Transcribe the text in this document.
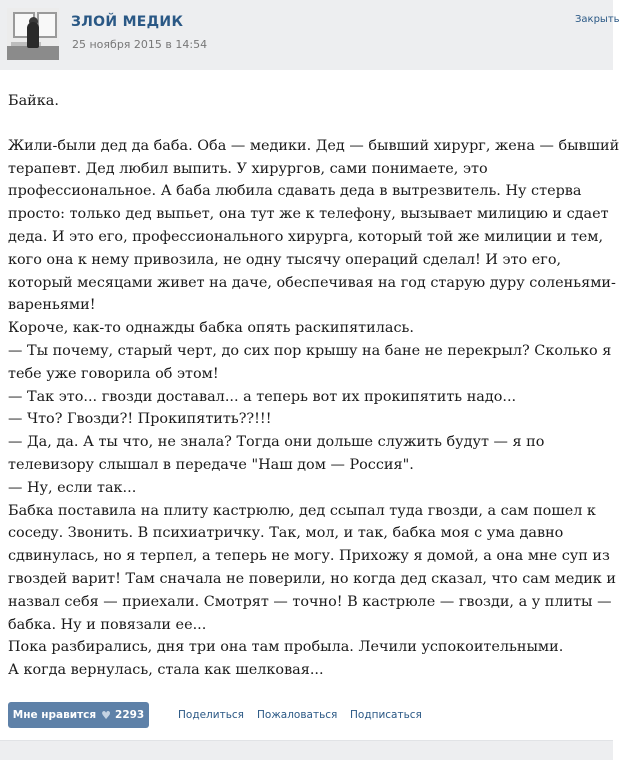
ЗЛОЙ МЕДИК
25 ноября 2015 в 14:54
Закрыть

Байка.

Жили-были дед да баба. Оба — медики. Дед — бывший хирург, жена — бывший

терапевт. Дед любил выпить. У хирургов, сами понимаете, это

профессиональное. А баба любила сдавать деда в вытрезвитель. Ну стерва

просто: только дед выпьет, она тут же к телефону, вызывает милицию и сдает

деда. И это его, профессионального хирурга, который той же милиции и тем,

кого она к нему привозила, не одну тысячу операций сделал! И это его,

который месяцами живет на даче, обеспечивая на год старую дуру соленьями-

вареньями!

Короче, как-то однажды бабка опять раскипятилась.

— Ты почему, старый черт, до сих пор крышу на бане не перекрыл? Сколько я

тебе уже говорила об этом!

— Так это... гвозди доставал... а теперь вот их прокипятить надо...

— Что? Гвозди?! Прокипятить??!!!

— Да, да. А ты что, не знала? Тогда они дольше служить будут — я по

телевизору слышал в передаче "Наш дом — Россия".

— Ну, если так...

Бабка поставила на плиту кастрюлю, дед ссыпал туда гвозди, а сам пошел к

соседу. Звонить. В психиатричку. Так, мол, и так, бабка моя с ума давно

сдвинулась, но я терпел, а теперь не могу. Прихожу я домой, а она мне суп из

гвоздей варит! Там сначала не поверили, но когда дед сказал, что сам медик и

назвал себя — приехали. Смотрят — точно! В кастрюле — гвозди, а у плиты —

бабка. Ну и повязали ее...

Пока разбирались, дня три она там пробыла. Лечили успокоительными.

А когда вернулась, стала как шелковая...

Мне нравится ♥ 2293	Поделиться Пожаловаться Подписаться
